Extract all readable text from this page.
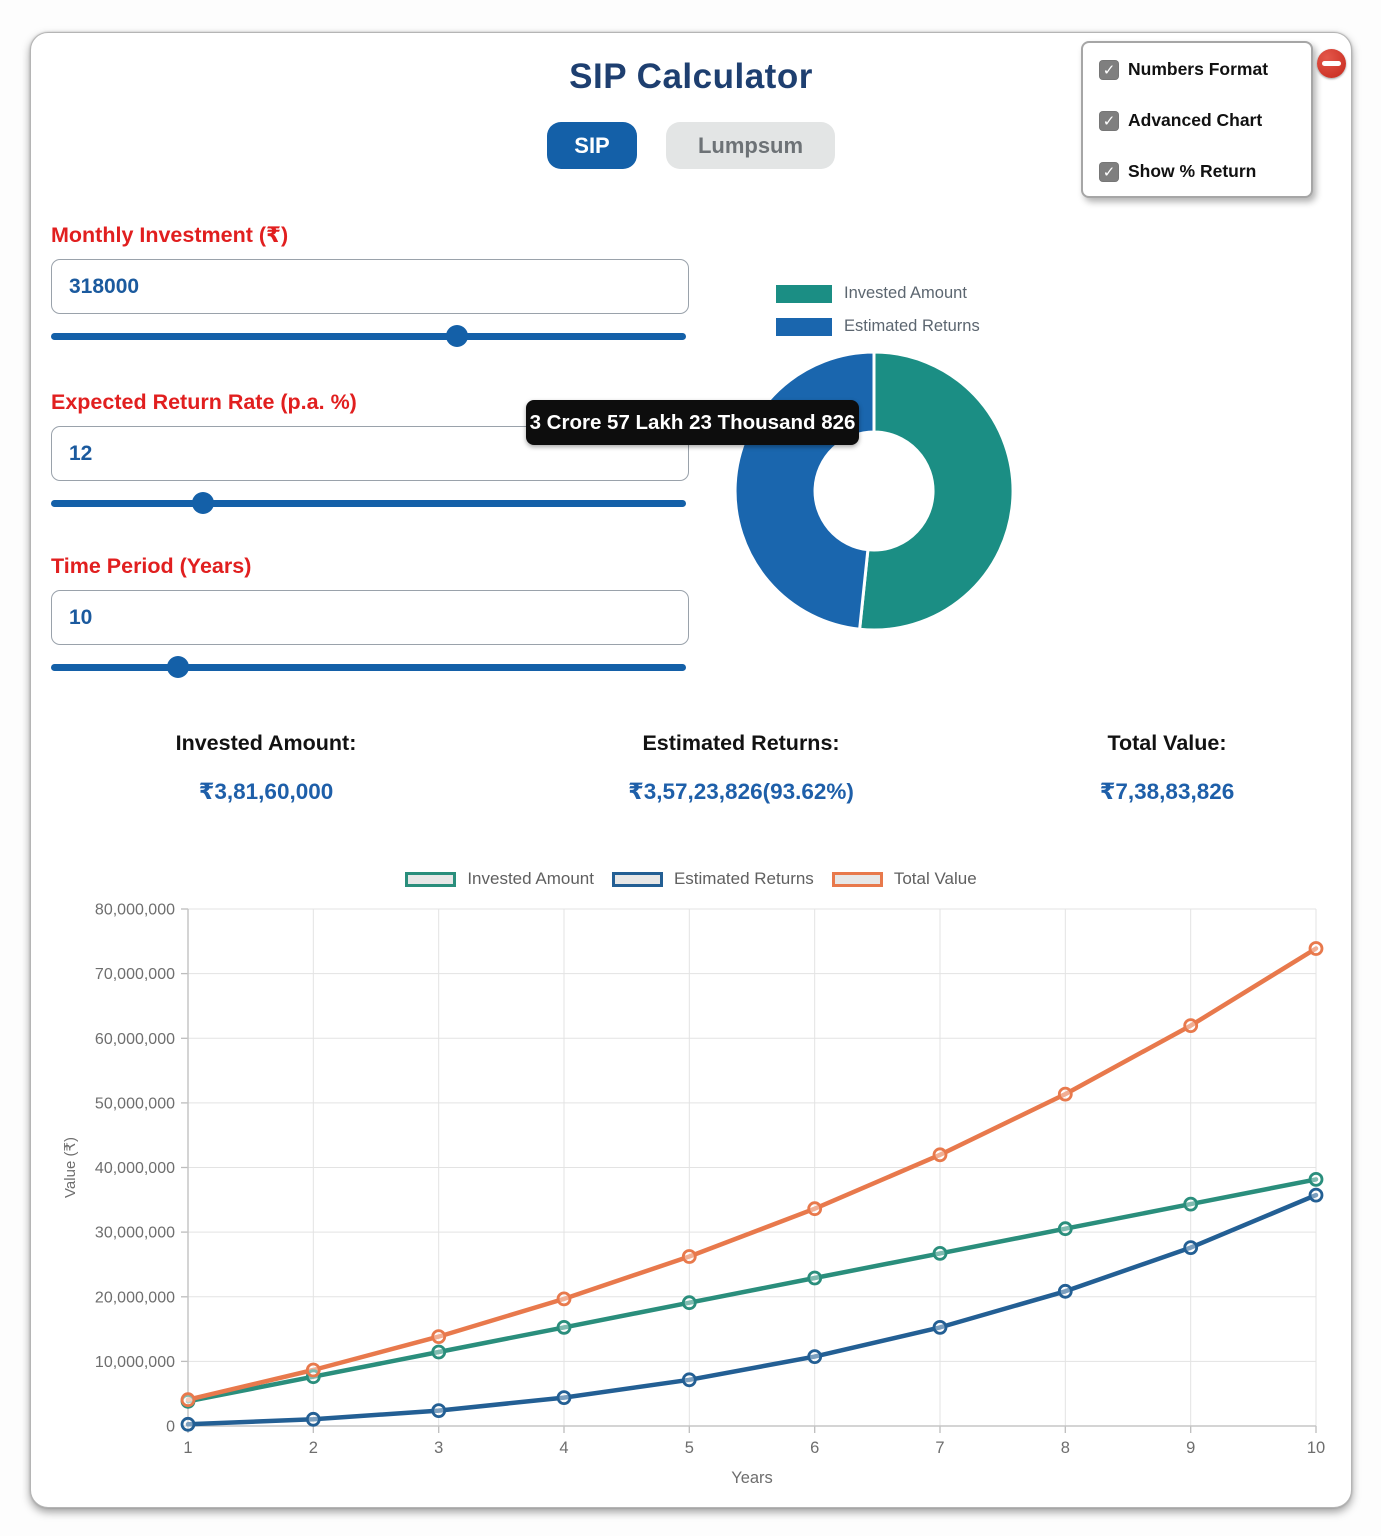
SIP Calculator
SIP	Lumpsum
✓ Numbers Format
✓ Advanced Chart
✓ Show % Return
Monthly Investment (₹)
318000
Expected Return Rate (p.a. %)
12
Time Period (Years)
10
Invested Amount
Estimated Returns
3 Crore 57 Lakh 23 Thousand 826
Invested Amount:
₹3,81,60,000
Estimated Returns:
₹3,57,23,826(93.62%)
Total Value:
₹7,38,83,826
Invested Amount	Estimated Returns	Total Value
0
10,000,000
20,000,000
30,000,000
40,000,000
50,000,000
60,000,000
70,000,000
80,000,000
1	2	3	4	5	6	7	8	9	10
Value (₹)
Years
